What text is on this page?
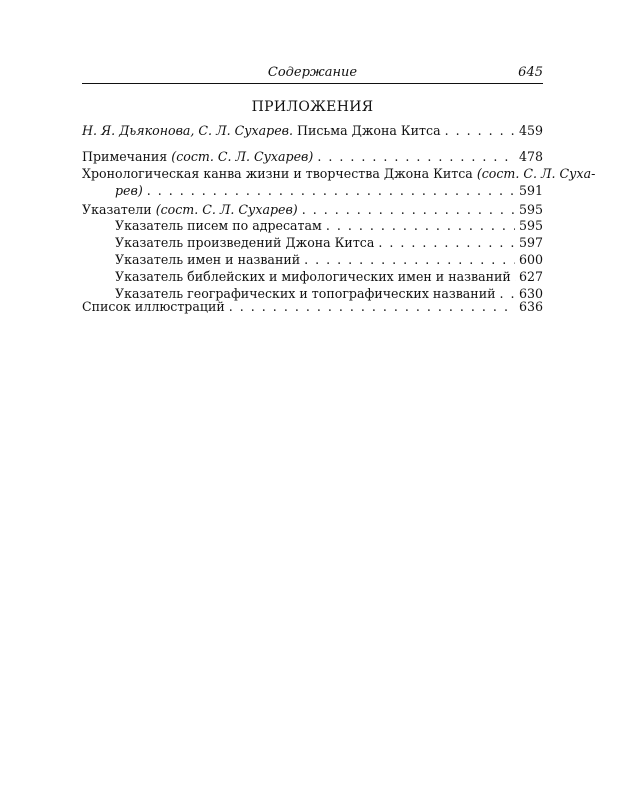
Содержание	645
ПРИЛОЖЕНИЯ
Н. Я. Дьяконова, С. Л. Сухарев. Письма Джона Китса . . .	459
Примечания (сост. С. Л. Сухарев) . . .	478
Хронологическая канва жизни и творчества Джона Китса (сост. С. Л. Суха-
рев) . . .	591
Указатели (сост. С. Л. Сухарев) . . .	595
Указатель писем по адресатам . . .	595
Указатель произведений Джона Китса . . .	597
Указатель имен и названий . . .	600
Указатель библейских и мифологических имен и названий . . . 627
Указатель географических и топографических названий . . . 630
Список иллюстраций . . .	636
